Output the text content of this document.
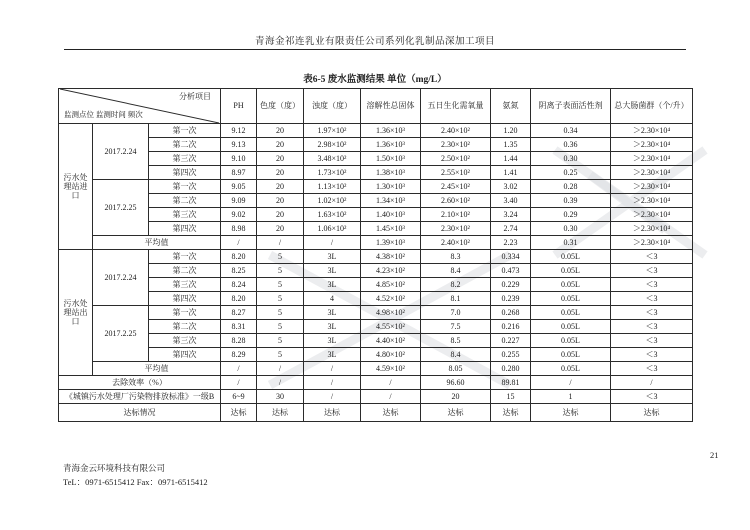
青海金祁连乳业有限责任公司系列化乳制品深加工项目
表6-5 废水监测结果 单位（mg/L）
分析项目
监测点位 监测时间 频次			PH	色度（度）	浊度（度）	溶解性总固体	五日生化需氧量	氨氮	阴离子表面活性剂	总大肠菌群（个/升）
污水处理站进口	2017.2.24	第一次	9.12	20	1.97×10²	1.36×10³	2.40×10²	1.20	0.34	＞2.30×10⁴
		第二次	9.13	20	2.98×10²	1.36×10³	2.30×10²	1.35	0.36	＞2.30×10⁴
		第三次	9.10	20	3.48×10²	1.50×10³	2.50×10²	1.44	0.30	＞2.30×10⁴
		第四次	8.97	20	1.73×10²	1.38×10³	2.55×10²	1.41	0.25	＞2.30×10⁴
	2017.2.25	第一次	9.05	20	1.13×10²	1.30×10³	2.45×10²	3.02	0.28	＞2.30×10⁴
		第二次	9.09	20	1.02×10²	1.34×10³	2.60×10²	3.40	0.39	＞2.30×10⁴
		第三次	9.02	20	1.63×10²	1.40×10³	2.10×10²	3.24	0.29	＞2.30×10⁴
		第四次	8.98	20	1.06×10²	1.45×10³	2.30×10²	2.74	0.30	＞2.30×10⁴
	平均值		/	/	/	1.39×10³	2.40×10²	2.23	0.31	＞2.30×10⁴
污水处理站出口	2017.2.24	第一次	8.20	5	3L	4.38×10²	8.3	0.334	0.05L	＜3
		第二次	8.25	5	3L	4.23×10²	8.4	0.473	0.05L	＜3
		第三次	8.24	5	3L	4.85×10²	8.2	0.229	0.05L	＜3
		第四次	8.20	5	4	4.52×10²	8.1	0.239	0.05L	＜3
	2017.2.25	第一次	8.27	5	3L	4.98×10²	7.0	0.268	0.05L	＜3
		第二次	8.31	5	3L	4.55×10²	7.5	0.216	0.05L	＜3
		第三次	8.28	5	3L	4.40×10²	8.5	0.227	0.05L	＜3
		第四次	8.29	5	3L	4.80×10²	8.4	0.255	0.05L	＜3
	平均值		/	/	/	4.59×10²	8.05	0.280	0.05L	＜3
去除效率（%）			/	/	/	/	96.60	89.81	/	/
《城镇污水处理厂污染物排放标准》一级B			6~9	30	/	/	20	15	1	＜3
达标情况			达标	达标	达标	达标	达标	达标	达标	达标
青海金云环境科技有限公司
TeL：0971-6515412 Fax：0971-6515412
21
